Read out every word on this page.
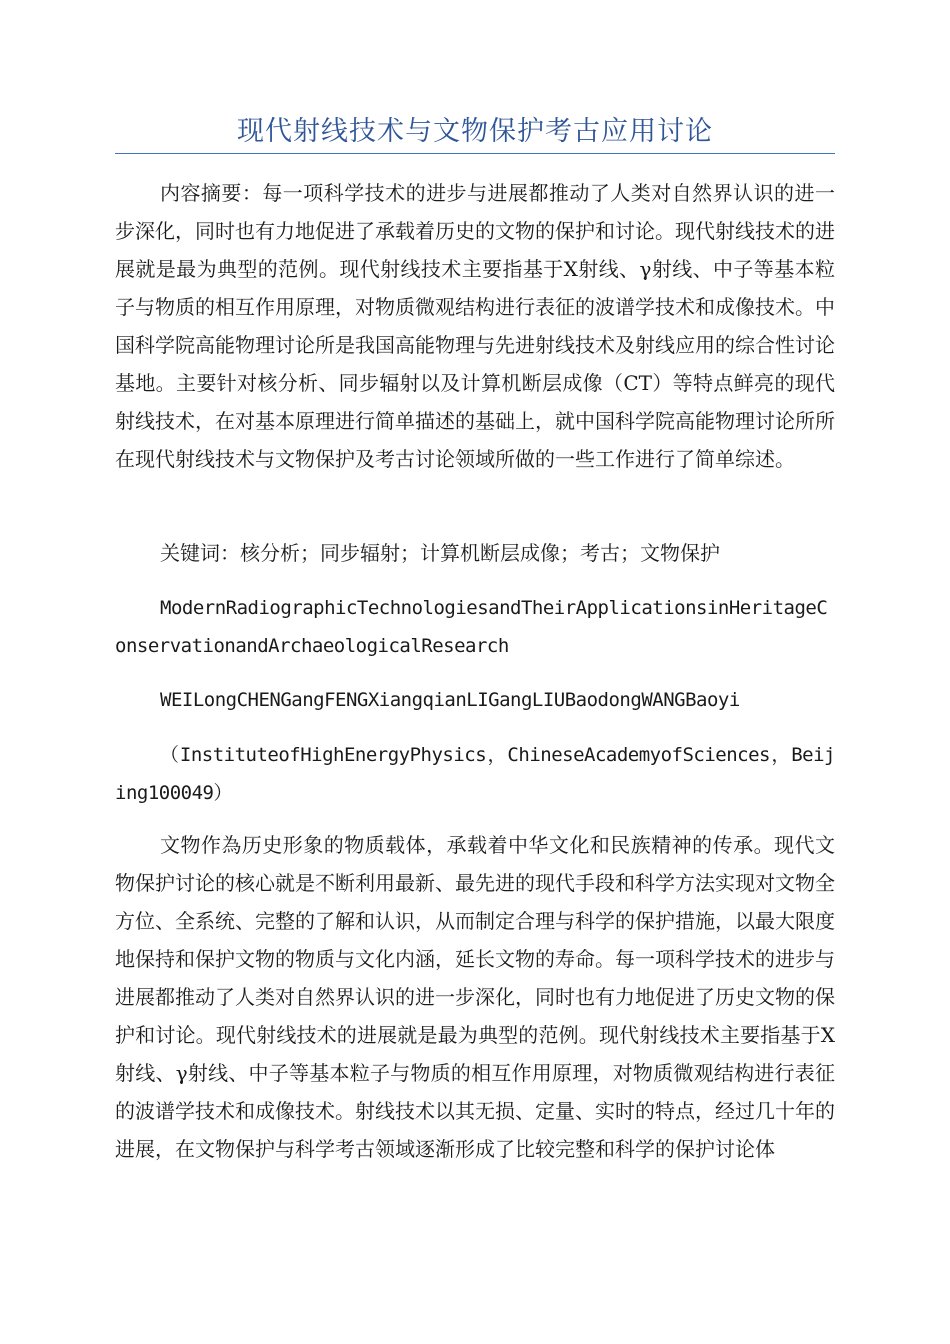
现代射线技术与文物保护考古应用讨论

内容摘要：每一项科学技术的进步与进展都推动了人类对自然界认识的进一步深化，同时也有力地促进了承载着历史的文物的保护和讨论。现代射线技术的进展就是最为典型的范例。现代射线技术主要指基于X射线、γ射线、中子等基本粒子与物质的相互作用原理，对物质微观结构进行表征的波谱学技术和成像技术。中国科学院高能物理讨论所是我国高能物理与先进射线技术及射线应用的综合性讨论基地。主要针对核分析、同步辐射以及计算机断层成像（CT）等特点鲜亮的现代射线技术，在对基本原理进行简单描述的基础上，就中国科学院高能物理讨论所所在现代射线技术与文物保护及考古讨论领域所做的一些工作进行了简单综述。

关键词：核分析；同步辐射；计算机断层成像；考古；文物保护

ModernRadiographicTechnologiesandTheirApplicationsinHeritageConservationandArchaeologicalResearch

WEILongCHENGangFENGXiangqianLIGangLIUBaodongWANGBaoyi

（InstituteofHighEnergyPhysics，ChineseAcademyofSciences，Beijing100049）

文物作為历史形象的物质载体，承载着中华文化和民族精神的传承。现代文物保护讨论的核心就是不断利用最新、最先进的现代手段和科学方法实现对文物全方位、全系统、完整的了解和认识，从而制定合理与科学的保护措施，以最大限度地保持和保护文物的物质与文化内涵，延长文物的寿命。每一项科学技术的进步与进展都推动了人类对自然界认识的进一步深化，同时也有力地促进了历史文物的保护和讨论。现代射线技术的进展就是最为典型的范例。现代射线技术主要指基于X射线、γ射线、中子等基本粒子与物质的相互作用原理，对物质微观结构进行表征的波谱学技术和成像技术。射线技术以其无损、定量、实时的特点，经过几十年的进展，在文物保护与科学考古领域逐渐形成了比较完整和科学的保护讨论体
